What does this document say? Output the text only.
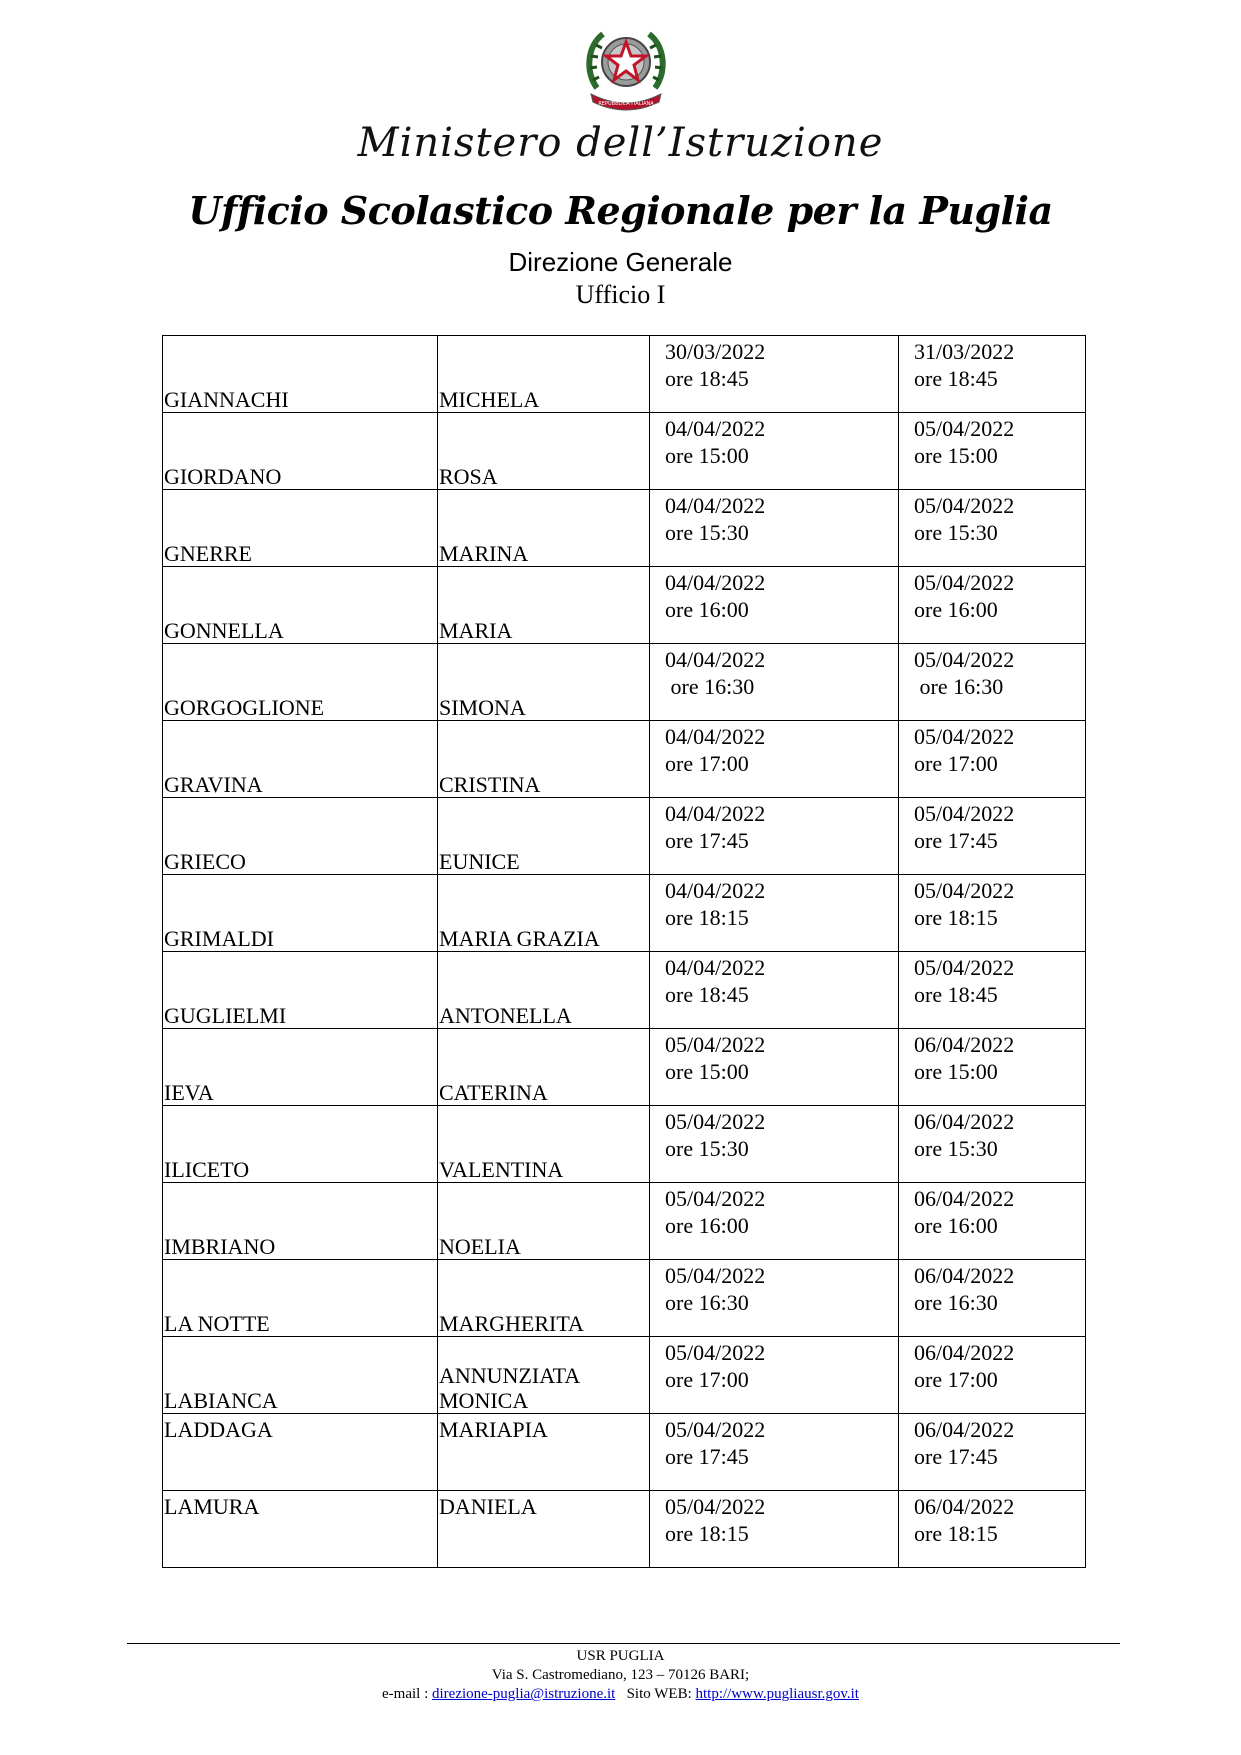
REPUBBLICA ITALIANA
Ministero dell’Istruzione
Ufficio Scolastico Regionale per la Puglia
Direzione Generale
Ufficio I
GIANNACHI	MICHELA	30/03/2022
ore 18:45	31/03/2022
ore 18:45

GIORDANO	ROSA	04/04/2022
ore 15:00	05/04/2022
ore 15:00

GNERRE	MARINA	04/04/2022
ore 15:30	05/04/2022
ore 15:30

GONNELLA	MARIA	04/04/2022
ore 16:00	05/04/2022
ore 16:00

GORGOGLIONE	SIMONA	04/04/2022
ore 16:30	05/04/2022
ore 16:30

GRAVINA	CRISTINA	04/04/2022
ore 17:00	05/04/2022
ore 17:00

GRIECO	EUNICE	04/04/2022
ore 17:45	05/04/2022
ore 17:45

GRIMALDI	MARIA GRAZIA	04/04/2022
ore 18:15	05/04/2022
ore 18:15

GUGLIELMI	ANTONELLA	04/04/2022
ore 18:45	05/04/2022
ore 18:45

IEVA	CATERINA	05/04/2022
ore 15:00	06/04/2022
ore 15:00

ILICETO	VALENTINA	05/04/2022
ore 15:30	06/04/2022
ore 15:30

IMBRIANO	NOELIA	05/04/2022
ore 16:00	06/04/2022
ore 16:00

LA NOTTE	MARGHERITA	05/04/2022
ore 16:30	06/04/2022
ore 16:30

LABIANCA	ANNUNZIATA MONICA	05/04/2022
ore 17:00	06/04/2022
ore 17:00

LADDAGA	MARIAPIA	05/04/2022
ore 17:45	06/04/2022
ore 17:45

LAMURA	DANIELA	05/04/2022
ore 18:15	06/04/2022
ore 18:15
USR PUGLIA
Via S. Castromediano, 123 – 70126 BARI;
e-mail : direzione-puglia@istruzione.it Sito WEB: http://www.pugliausr.gov.it
